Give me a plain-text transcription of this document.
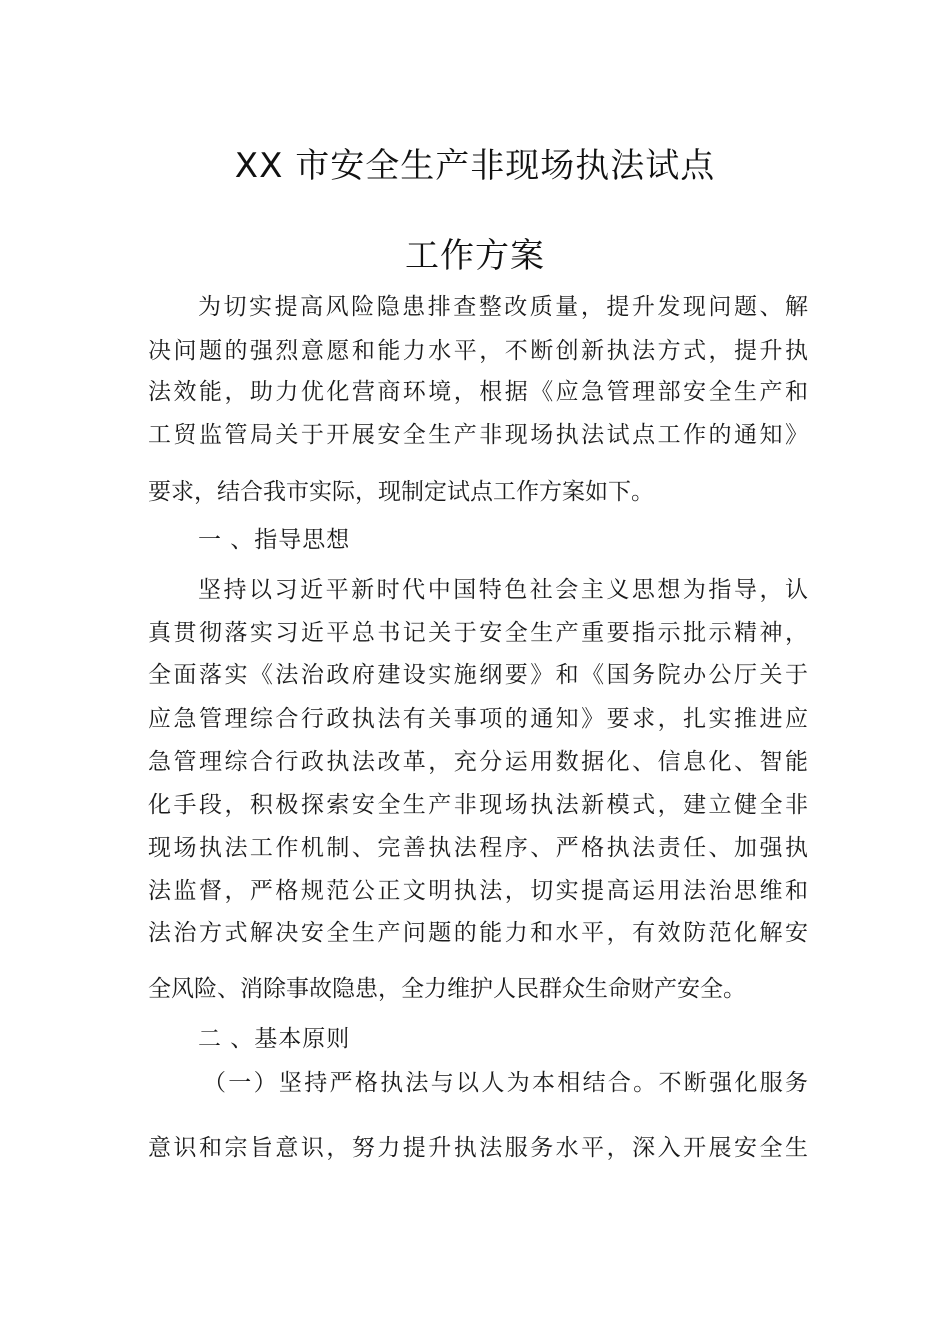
XX 市安全生产非现场执法试点
工作方案
为切实提高风险隐患排查整改质量，提升发现问题、解
决问题的强烈意愿和能力水平，不断创新执法方式，提升执
法效能，助力优化营商环境，根据《应急管理部安全生产和
工贸监管局关于开展安全生产非现场执法试点工作的通知》
要求，结合我市实际，现制定试点工作方案如下。
一 、指导思想
坚持以习近平新时代中国特色社会主义思想为指导，认
真贯彻落实习近平总书记关于安全生产重要指示批示精神，
全面落实《法治政府建设实施纲要》和《国务院办公厅关于
应急管理综合行政执法有关事项的通知》要求，扎实推进应
急管理综合行政执法改革，充分运用数据化、信息化、智能
化手段，积极探索安全生产非现场执法新模式，建立健全非
现场执法工作机制、完善执法程序、严格执法责任、加强执
法监督，严格规范公正文明执法，切实提高运用法治思维和
法治方式解决安全生产问题的能力和水平，有效防范化解安
全风险、消除事故隐患，全力维护人民群众生命财产安全。
二 、基本原则
（一）坚持严格执法与以人为本相结合。不断强化服务
意识和宗旨意识，努力提升执法服务水平，深入开展安全生
